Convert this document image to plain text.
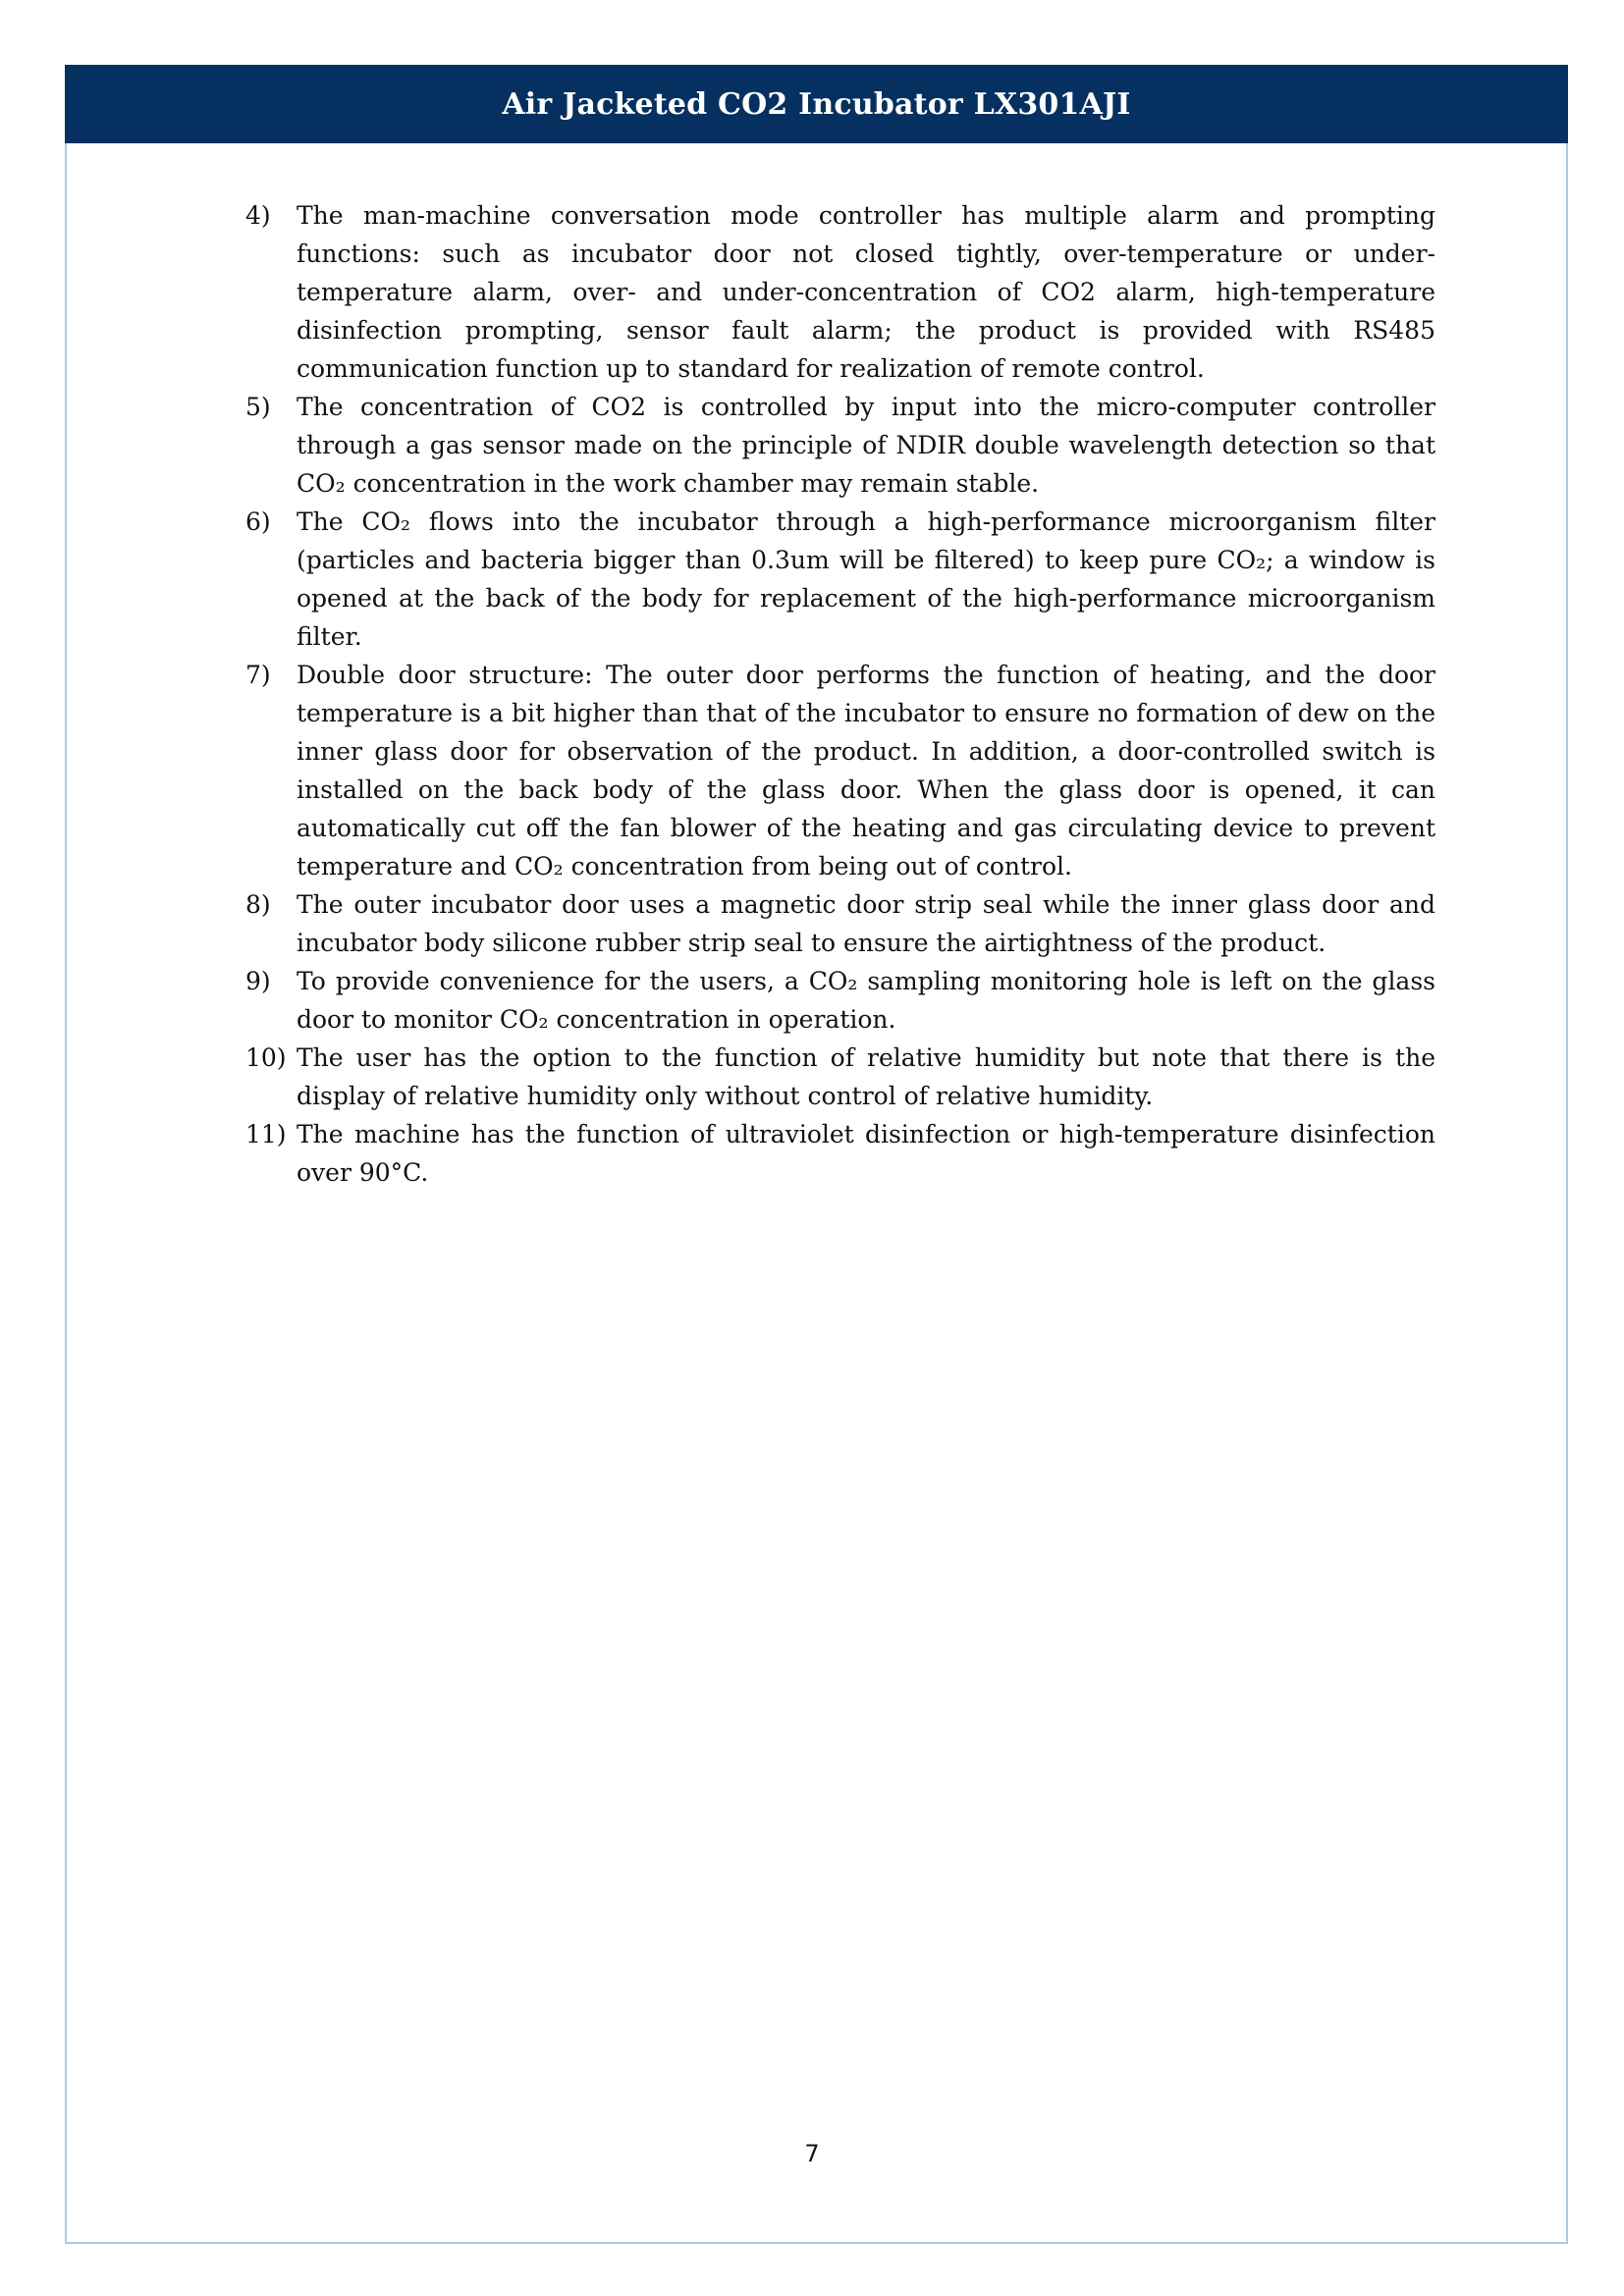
Air Jacketed CO2 Incubator LX301AJI
4) The man-machine conversation mode controller has multiple alarm and prompting functions: such as incubator door not closed tightly, over-temperature or under-temperature alarm, over- and under-concentration of CO2 alarm, high-temperature disinfection prompting, sensor fault alarm; the product is provided with RS485 communication function up to standard for realization of remote control.
5) The concentration of CO2 is controlled by input into the micro-computer controller through a gas sensor made on the principle of NDIR double wavelength detection so that CO₂ concentration in the work chamber may remain stable.
6) The CO₂ flows into the incubator through a high-performance microorganism filter (particles and bacteria bigger than 0.3um will be filtered) to keep pure CO₂; a window is opened at the back of the body for replacement of the high-performance microorganism filter.
7) Double door structure: The outer door performs the function of heating, and the door temperature is a bit higher than that of the incubator to ensure no formation of dew on the inner glass door for observation of the product. In addition, a door-controlled switch is installed on the back body of the glass door. When the glass door is opened, it can automatically cut off the fan blower of the heating and gas circulating device to prevent temperature and CO₂ concentration from being out of control.
8) The outer incubator door uses a magnetic door strip seal while the inner glass door and incubator body silicone rubber strip seal to ensure the airtightness of the product.
9) To provide convenience for the users, a CO₂ sampling monitoring hole is left on the glass door to monitor CO₂ concentration in operation.
10) The user has the option to the function of relative humidity but note that there is the display of relative humidity only without control of relative humidity.
11) The machine has the function of ultraviolet disinfection or high-temperature disinfection over 90°C.
7
